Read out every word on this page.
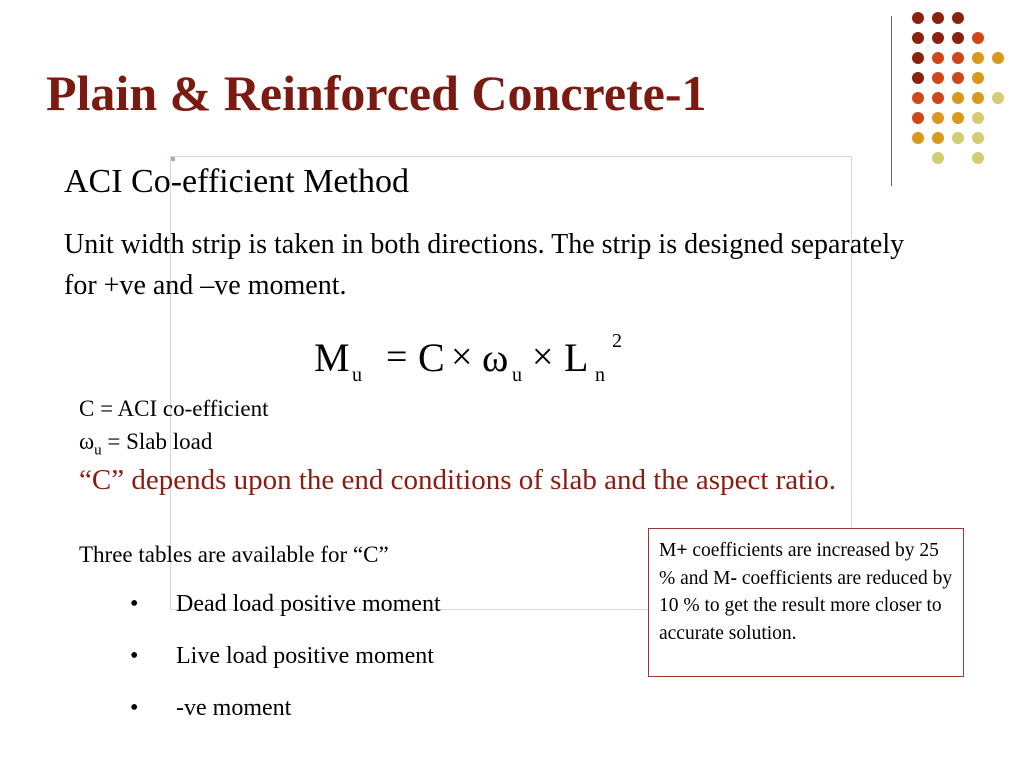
Plain & Reinforced Concrete-1
ACI Co-efficient Method
Unit width strip is taken in both directions. The strip is designed separately for +ve and –ve moment.
M u = C × ω u × L n
2
C = ACI co-efficient
$\omega_u$ = Slab load
“C” depends upon the end conditions of slab and the aspect ratio.
Three tables are available for “C”
• Dead load positive moment
• Live load positive moment
• -ve moment
M+ coefficients are increased by 25 % and M- coefficients are reduced by 10 % to get the result more closer to accurate solution.
